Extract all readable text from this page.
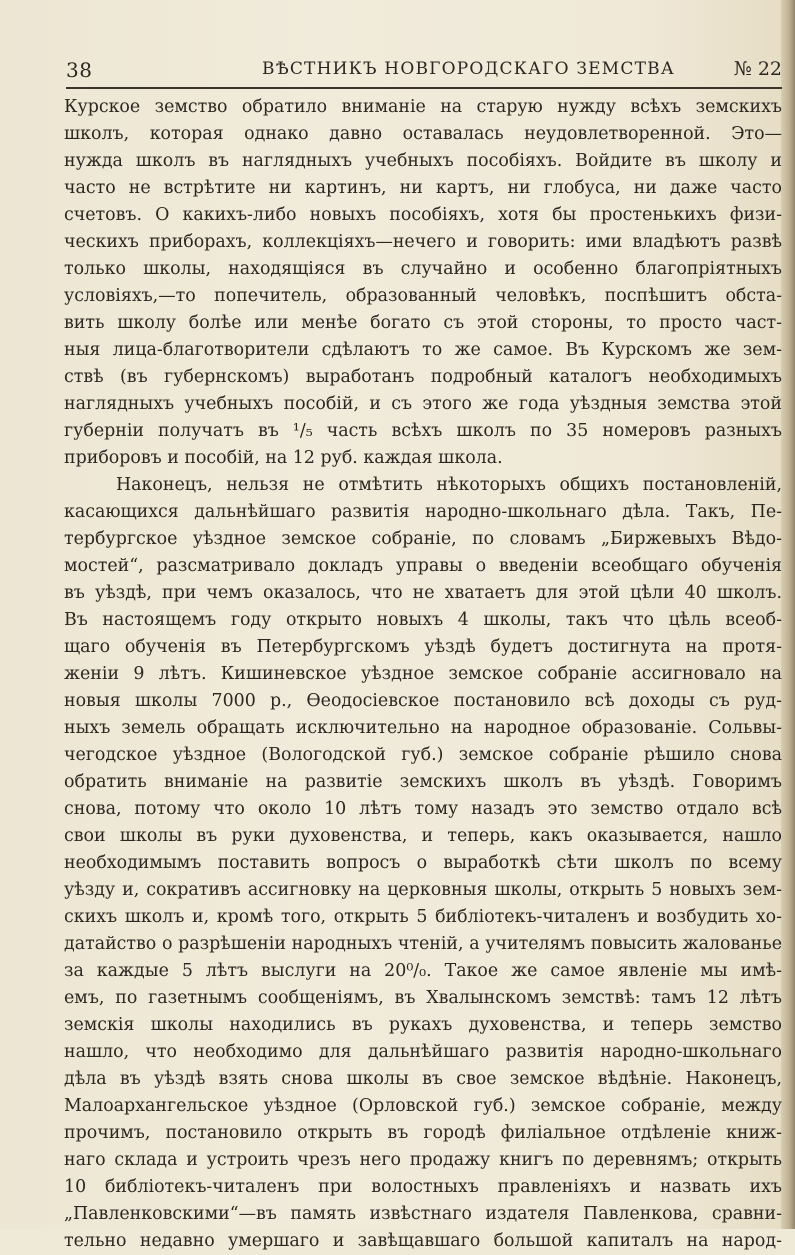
38	ВѢСТНИКЪ НОВГОРОДСКАГО ЗЕМСТВА	№ 22
Курское земство обратило вниманіе на старую нужду всѣхъ земскихъ
школъ, которая однако давно оставалась неудовлетворенной. Это—
нужда школъ въ наглядныхъ учебныхъ пособіяхъ. Войдите въ школу и
часто не встрѣтите ни картинъ, ни картъ, ни глобуса, ни даже часто
счетовъ. О какихъ-либо новыхъ пособіяхъ, хотя бы простенькихъ физи-
ческихъ приборахъ, коллекціяхъ—нечего и говорить: ими владѣютъ развѣ
только школы, находящіяся въ случайно и особенно благопріятныхъ
условіяхъ,—то попечитель, образованный человѣкъ, поспѣшитъ обста-
вить школу болѣе или менѣе богато съ этой стороны, то просто част-
ныя лица-благотворители сдѣлаютъ то же самое. Въ Курскомъ же зем-
ствѣ (въ губернскомъ) выработанъ подробный каталогъ необходимыхъ
наглядныхъ учебныхъ пособій, и съ этого же года уѣздныя земства этой
губерніи получатъ въ ¹/₅ часть всѣхъ школъ по 35 номеровъ разныхъ
приборовъ и пособій, на 12 руб. каждая школа.
Наконецъ, нельзя не отмѣтить нѣкоторыхъ общихъ постановленій,
касающихся дальнѣйшаго развитія народно-школьнаго дѣла. Такъ, Пе-
тербургское уѣздное земское собраніе, по словамъ „Биржевыхъ Вѣдо-
мостей“, разсматривало докладъ управы о введеніи всеобщаго обученія
въ уѣздѣ, при чемъ оказалось, что не хватаетъ для этой цѣли 40 школъ.
Въ настоящемъ году открыто новыхъ 4 школы, такъ что цѣль всеоб-
щаго обученія въ Петербургскомъ уѣздѣ будетъ достигнута на протя-
женіи 9 лѣтъ. Кишиневское уѣздное земское собраніе ассигновало на
новыя школы 7000 р., Ѳеодосіевское постановило всѣ доходы съ руд-
ныхъ земель обращать исключительно на народное образованіе. Сольвы-
чегодское уѣздное (Вологодской губ.) земское собраніе рѣшило снова
обратить вниманіе на развитіе земскихъ школъ въ уѣздѣ. Говоримъ
снова, потому что около 10 лѣтъ тому назадъ это земство отдало всѣ
свои школы въ руки духовенства, и теперь, какъ оказывается, нашло
необходимымъ поставить вопросъ о выработкѣ сѣти школъ по всему
уѣзду и, сокративъ ассигновку на церковныя школы, открыть 5 новыхъ зем-
скихъ школъ и, кромѣ того, открыть 5 библіотекъ-читаленъ и возбудить хо-
датайство о разрѣшеніи народныхъ чтеній, а учителямъ повысить жалованье
за каждые 5 лѣтъ выслуги на 20⁰/₀. Такое же самое явленіе мы имѣ-
емъ, по газетнымъ сообщеніямъ, въ Хвалынскомъ земствѣ: тамъ 12 лѣтъ
земскія школы находились въ рукахъ духовенства, и теперь земство
нашло, что необходимо для дальнѣйшаго развитія народно-школьнаго
дѣла въ уѣздѣ взять снова школы въ свое земское вѣдѣніе. Наконецъ,
Малоархангельское уѣздное (Орловской губ.) земское собраніе, между
прочимъ, постановило открыть въ городѣ филіальное отдѣленіе книж-
наго склада и устроить чрезъ него продажу книгъ по деревнямъ; открыть
10 библіотекъ-читаленъ при волостныхъ правленіяхъ и назвать ихъ
„Павленковскими“—въ память извѣстнаго издателя Павленкова, сравни-
тельно недавно умершаго и завѣщавшаго большой капиталъ на народ-
